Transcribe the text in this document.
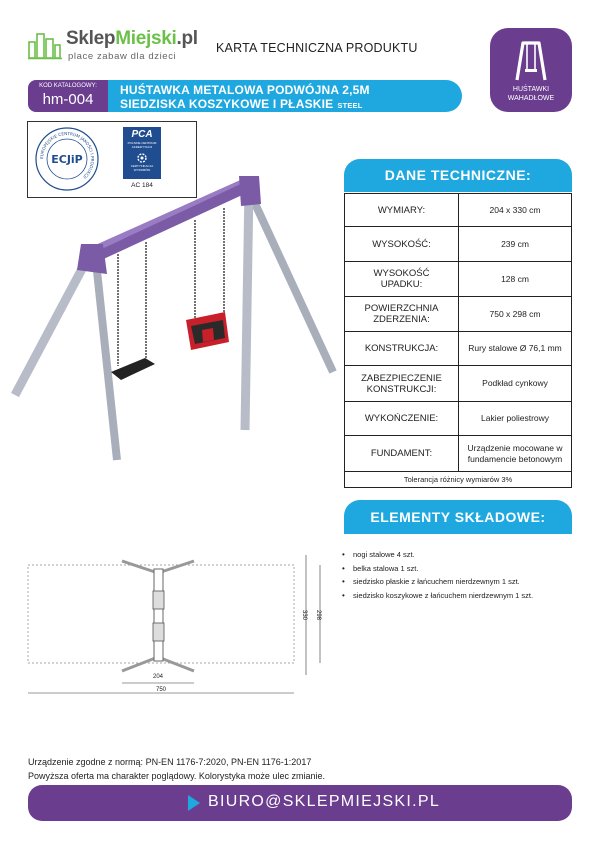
SklepMiejski.pl
place zabaw dla dzieci
KARTA TECHNICZNA PRODUKTU
HUŚTAWKI
WAHADŁOWE
KOD KATALOGOWY:
hm-004
HUŚTAWKA METALOWA PODWÓJNA 2,5M
SIEDZISKA KOSZYKOWE I PŁASKIE STEEL
EUROPEJSKIE CENTRUM JAKOŚCI I PRODUKCJI
ECJiP
PCA
POLSKIE CENTRUM AKREDYTACJI
CERTYFIKACJA WYROBÓW
AC 184
DANE TECHNICZNE:
WYMIARY:	204 x 330 cm
WYSOKOŚĆ:	239 cm
WYSOKOŚĆ
UPADKU:	128 cm
POWIERZCHNIA
ZDERZENIA:	750 x 298 cm
KONSTRUKCJA:	Rury stalowe Ø 76,1 mm
ZABEZPIECZENIE
KONSTRUKCJI:	Podkład cynkowy
WYKOŃCZENIE:	Lakier poliestrowy
FUNDAMENT:	Urządzenie mocowane w
fundamencie betonowym
Tolerancja różnicy wymiarów 3%
ELEMENTY SKŁADOWE:
• nogi stalowe 4 szt.
• belka stalowa 1 szt.
• siedzisko płaskie z łańcuchem nierdzewnym 1 szt.
• siedzisko koszykowe z łańcuchem nierdzewnym 1 szt.
204
750
330 298
Urządzenie zgodne z normą: PN-EN 1176-7:2020, PN-EN 1176-1:2017
Powyższa oferta ma charakter poglądowy. Kolorystyka może ulec zmianie.
BIURO@SKLEPMIEJSKI.PL
